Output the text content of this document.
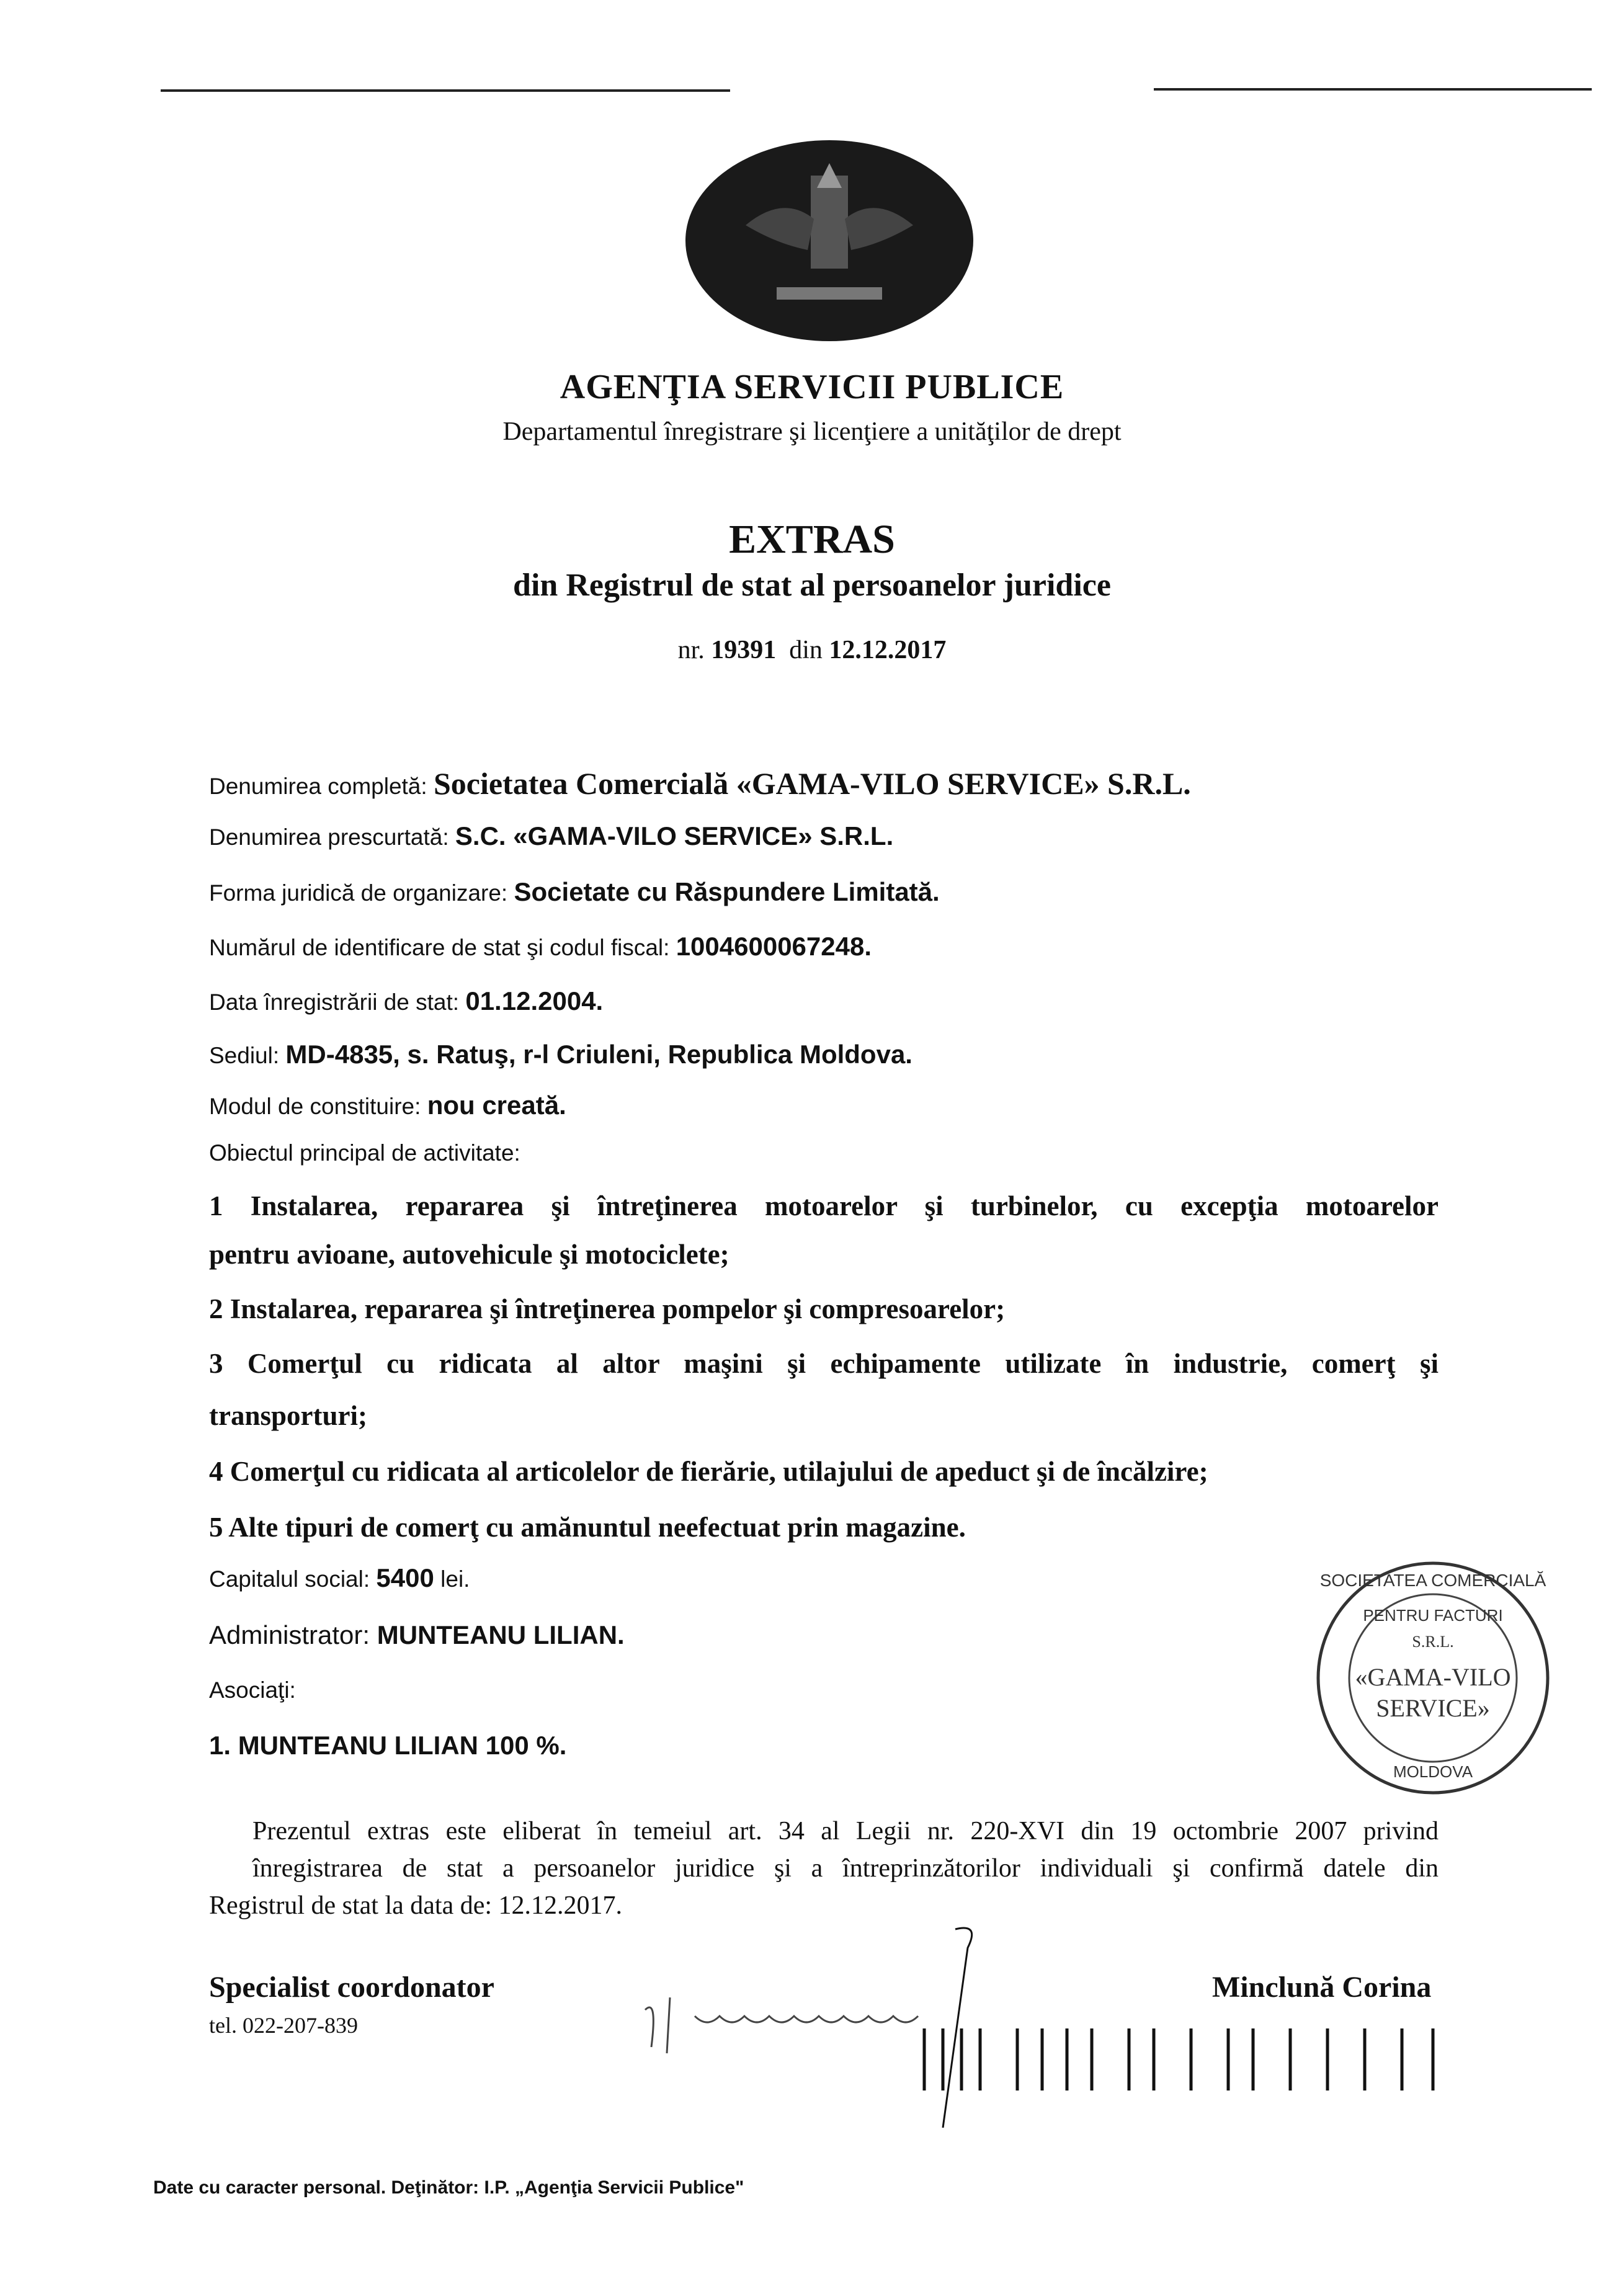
AGENŢIA SERVICII PUBLICE
Departamentul înregistrare şi licenţiere a unităţilor de drept
EXTRAS
din Registrul de stat al persoanelor juridice
nr. 19391 din 12.12.2017
Denumirea completă: Societatea Comercială «GAMA-VILO SERVICE» S.R.L.
Denumirea prescurtată: S.C. «GAMA-VILO SERVICE» S.R.L.
Forma juridică de organizare: Societate cu Răspundere Limitată.
Numărul de identificare de stat şi codul fiscal: 1004600067248.
Data înregistrării de stat: 01.12.2004.
Sediul: MD-4835, s. Ratuş, r-l Criuleni, Republica Moldova.
Modul de constituire: nou creată.
Obiectul principal de activitate:
1 Instalarea, repararea şi întreţinerea motoarelor şi turbinelor, cu excepţia motoarelor
pentru avioane, autovehicule şi motociclete;
2 Instalarea, repararea şi întreţinerea pompelor şi compresoarelor;
3 Comerţul cu ridicata al altor maşini şi echipamente utilizate în industrie, comerţ şi
transporturi;
4 Comerţul cu ridicata al articolelor de fierărie, utilajului de apeduct şi de încălzire;
5 Alte tipuri de comerţ cu amănuntul neefectuat prin magazine.
Capitalul social: 5400 lei.
Administrator: MUNTEANU LILIAN.
Asociaţi:
1. MUNTEANU LILIAN 100 %.
SOCIETATEA COMERCIALĂ
PENTRU FACTURI
S.R.L.
«GAMA-VILO
SERVICE»
MOLDOVA
Prezentul extras este eliberat în temeiul art. 34 al Legii nr. 220-XVI din 19 octombrie 2007 privind
înregistrarea de stat a persoanelor juridice şi a întreprinzătorilor individuali şi confirmă datele din
Registrul de stat la data de: 12.12.2017.
Specialist coordonator
tel. 022-207-839
Minclună Corina
Date cu caracter personal. Deţinător: I.P. „Agenţia Servicii Publice"
